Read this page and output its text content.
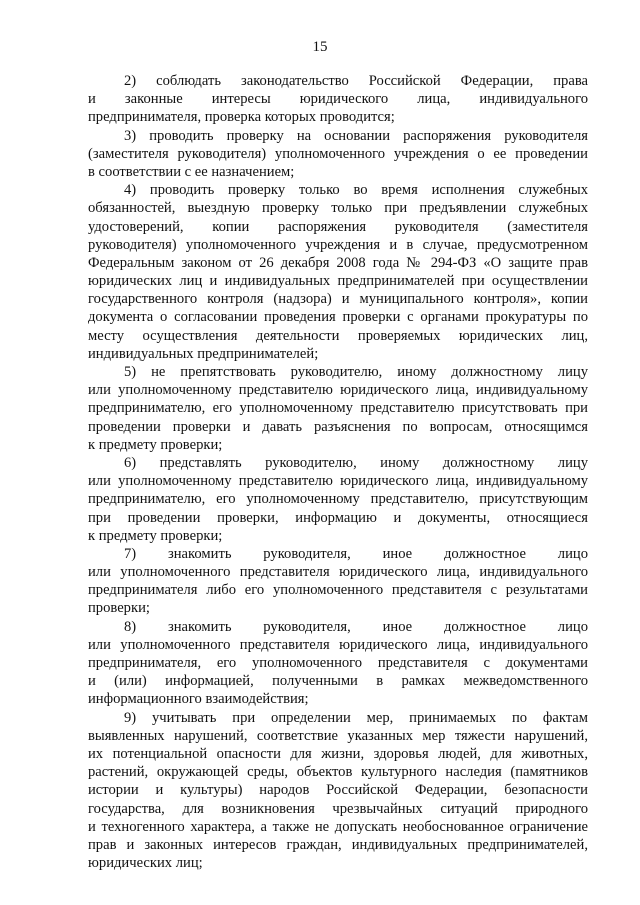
15
2) соблюдать законодательство Российской Федерации, права
и законные интересы юридического лица, индивидуального
предпринимателя, проверка которых проводится;
3) проводить проверку на основании распоряжения руководителя
(заместителя руководителя) уполномоченного учреждения о ее проведении
в соответствии с ее назначением;
4) проводить проверку только во время исполнения служебных
обязанностей, выездную проверку только при предъявлении служебных
удостоверений, копии распоряжения руководителя (заместителя
руководителя) уполномоченного учреждения и в случае, предусмотренном
Федеральным законом от 26 декабря 2008 года № 294-ФЗ «О защите прав
юридических лиц и индивидуальных предпринимателей при осуществлении
государственного контроля (надзора) и муниципального контроля», копии
документа о согласовании проведения проверки с органами прокуратуры по
месту осуществления деятельности проверяемых юридических лиц,
индивидуальных предпринимателей;
5) не препятствовать руководителю, иному должностному лицу
или уполномоченному представителю юридического лица, индивидуальному
предпринимателю, его уполномоченному представителю присутствовать при
проведении проверки и давать разъяснения по вопросам, относящимся
к предмету проверки;
6) представлять руководителю, иному должностному лицу
или уполномоченному представителю юридического лица, индивидуальному
предпринимателю, его уполномоченному представителю, присутствующим
при проведении проверки, информацию и документы, относящиеся
к предмету проверки;
7) знакомить руководителя, иное должностное лицо
или уполномоченного представителя юридического лица, индивидуального
предпринимателя либо его уполномоченного представителя с результатами
проверки;
8) знакомить руководителя, иное должностное лицо
или уполномоченного представителя юридического лица, индивидуального
предпринимателя, его уполномоченного представителя с документами
и (или) информацией, полученными в рамках межведомственного
информационного взаимодействия;
9) учитывать при определении мер, принимаемых по фактам
выявленных нарушений, соответствие указанных мер тяжести нарушений,
их потенциальной опасности для жизни, здоровья людей, для животных,
растений, окружающей среды, объектов культурного наследия (памятников
истории и культуры) народов Российской Федерации, безопасности
государства, для возникновения чрезвычайных ситуаций природного
и техногенного характера, а также не допускать необоснованное ограничение
прав и законных интересов граждан, индивидуальных предпринимателей,
юридических лиц;
